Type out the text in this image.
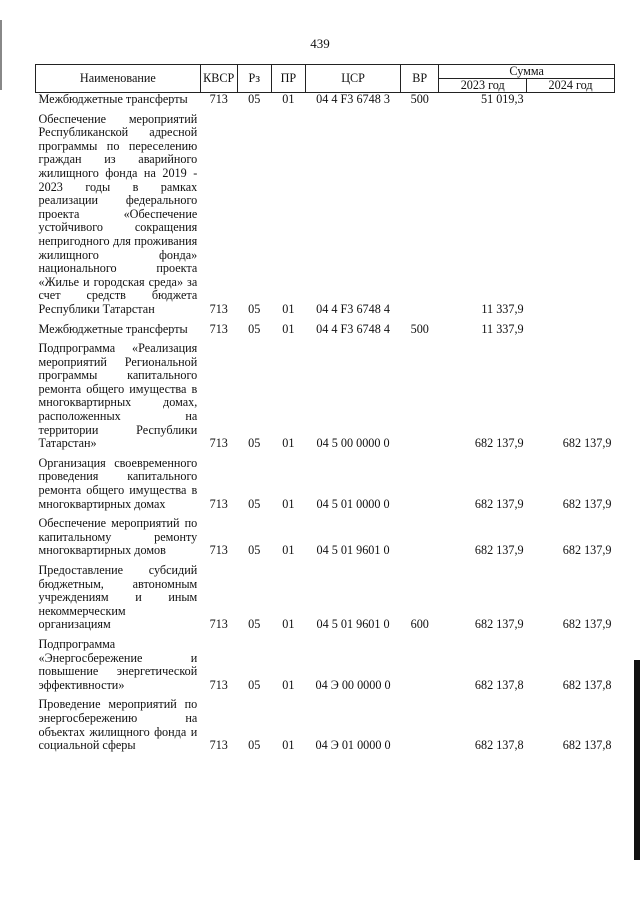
439
Наименование	КВСР	Рз	ПР	ЦСР	ВР	Сумма	
						2023 год	2024 год
Межбюджетные трансферты	713	05	01	04 4 F3 6748 3	500	51 019,3	
Обеспечение мероприятий Республиканской адресной программы по переселению граждан из аварийного жилищного фонда на 2019 - 2023 годы в рамках реализации федерального проекта «Обеспечение устойчивого сокращения непригодного для проживания жилищного фонда» национального проекта «Жилье и городская среда» за счет средств бюджета Республики Татарстан	713	05	01	04 4 F3 6748 4		11 337,9	
Межбюджетные трансферты	713	05	01	04 4 F3 6748 4	500	11 337,9	
Подпрограмма «Реализация мероприятий Региональной программы капитального ремонта общего имущества в многоквартирных домах, расположенных на территории Республики Татарстан»	713	05	01	04 5 00 0000 0		682 137,9	682 137,9
Организация своевременного проведения капитального ремонта общего имущества в многоквартирных домах	713	05	01	04 5 01 0000 0		682 137,9	682 137,9
Обеспечение мероприятий по капитальному ремонту многоквартирных домов	713	05	01	04 5 01 9601 0		682 137,9	682 137,9
Предоставление субсидий бюджетным, автономным учреждениям и иным некоммерческим организациям	713	05	01	04 5 01 9601 0	600	682 137,9	682 137,9
Подпрограмма «Энергосбережение и повышение энергетической эффективности»	713	05	01	04 Э 00 0000 0		682 137,8	682 137,8
Проведение мероприятий по энергосбережению на объектах жилищного фонда и социальной сферы	713	05	01	04 Э 01 0000 0		682 137,8	682 137,8
